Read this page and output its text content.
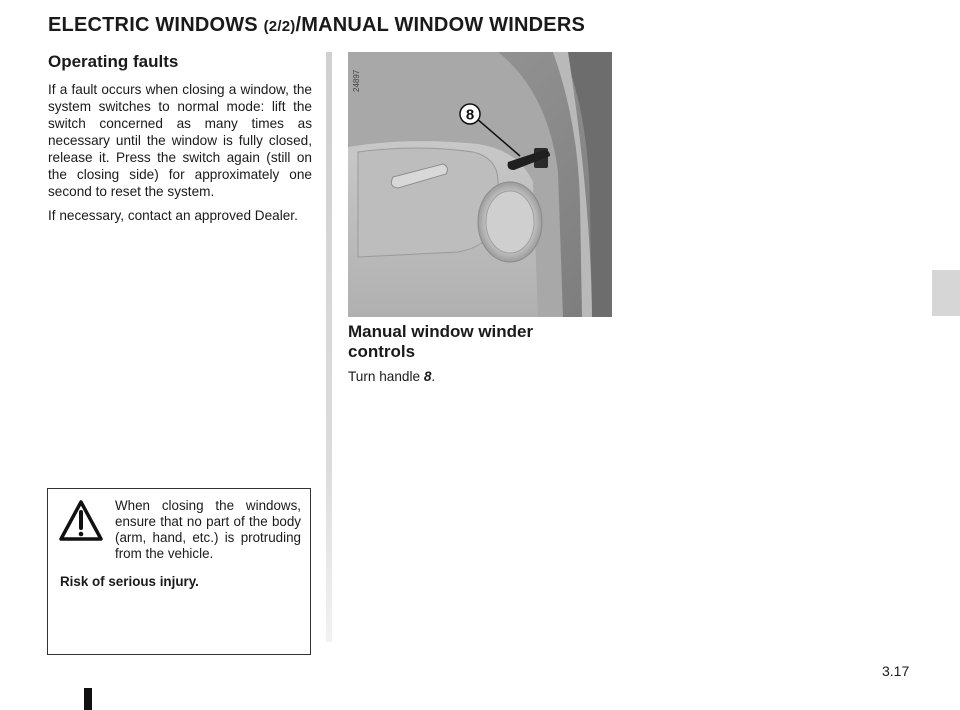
ELECTRIC WINDOWS (2/2)/MANUAL WINDOW WINDERS
Operating faults

If a fault occurs when closing a window, the system switches to normal mode: lift the switch concerned as many times as necessary until the window is fully closed, release it. Press the switch again (still on the closing side) for approximately one second to reset the system.

If necessary, contact an approved Dealer.

When closing the windows, ensure that no part of the body (arm, hand, etc.) is protruding from the vehicle.
Risk of serious injury.
8
24897
Manual window winder controls
Turn handle 8.
3.17
